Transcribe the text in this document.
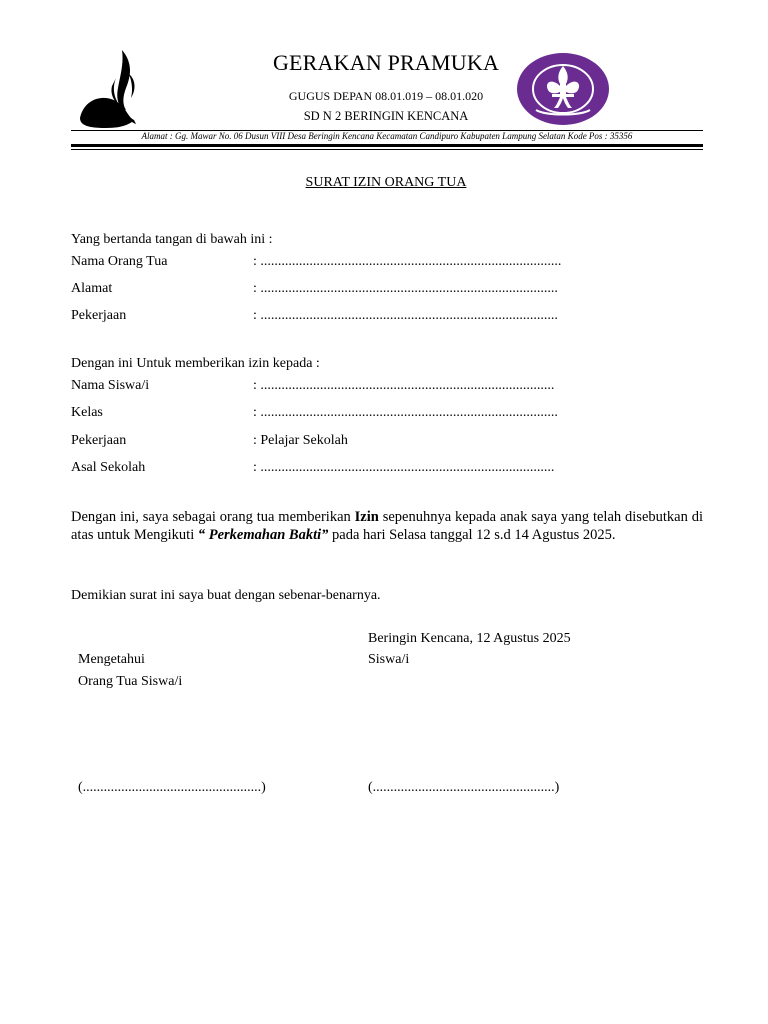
GERAKAN PRAMUKA
GUGUS DEPAN 08.01.019 – 08.01.020
SD N 2 BERINGIN KENCANA
Alamat : Gg. Mawar No. 06 Dusun VIII Desa Beringin Kencana Kecamatan Candipuro Kabupaten Lampung Selatan Kode Pos : 35356
SURAT IZIN ORANG TUA
Yang bertanda tangan di bawah ini :
Nama Orang Tua	: ......................................................................................
Alamat	: .....................................................................................
Pekerjaan	: .....................................................................................
Dengan ini Untuk memberikan izin kepada :
Nama Siswa/i	: ....................................................................................
Kelas	: .....................................................................................
Pekerjaan	: Pelajar Sekolah
Asal Sekolah	: ....................................................................................
Dengan ini, saya sebagai orang tua memberikan Izin sepenuhnya kepada anak saya yang telah disebutkan di atas untuk Mengikuti “ Perkemahan Bakti” pada hari Selasa tanggal 12 s.d 14 Agustus 2025.
Demikian surat ini saya buat dengan sebenar-benarnya.
Beringin Kencana, 12 Agustus 2025
Mengetahui	Siswa/i
Orang Tua Siswa/i
(...................................................)	(....................................................)
